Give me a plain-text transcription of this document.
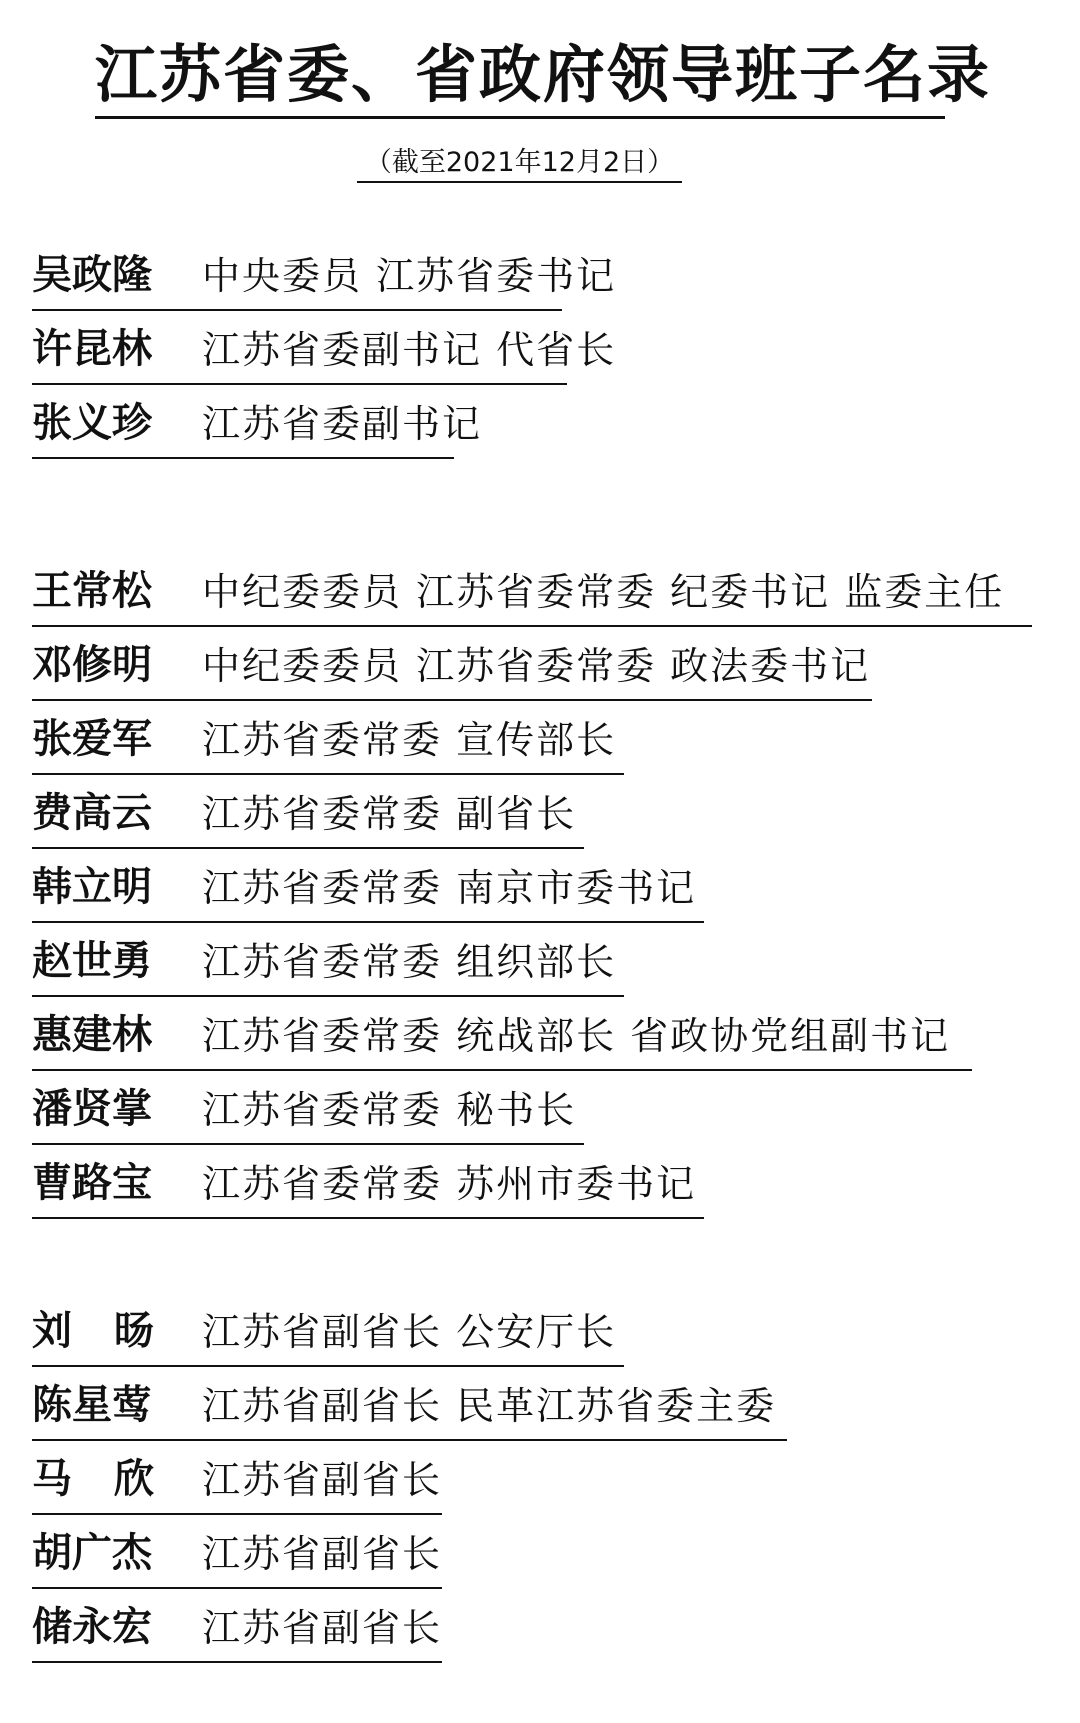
江苏省委、省政府领导班子名录
（截至2021年12月2日）
吴政隆 中央委员 江苏省委书记
许昆林 江苏省委副书记 代省长
张义珍 江苏省委副书记
王常松 中纪委委员 江苏省委常委 纪委书记 监委主任
邓修明 中纪委委员 江苏省委常委 政法委书记
张爱军 江苏省委常委 宣传部长
费高云 江苏省委常委 副省长
韩立明 江苏省委常委 南京市委书记
赵世勇 江苏省委常委 组织部长
惠建林 江苏省委常委 统战部长 省政协党组副书记
潘贤掌 江苏省委常委 秘书长
曹路宝 江苏省委常委 苏州市委书记
刘 旸 江苏省副省长 公安厅长
陈星莺 江苏省副省长 民革江苏省委主委
马 欣 江苏省副省长
胡广杰 江苏省副省长
储永宏 江苏省副省长
